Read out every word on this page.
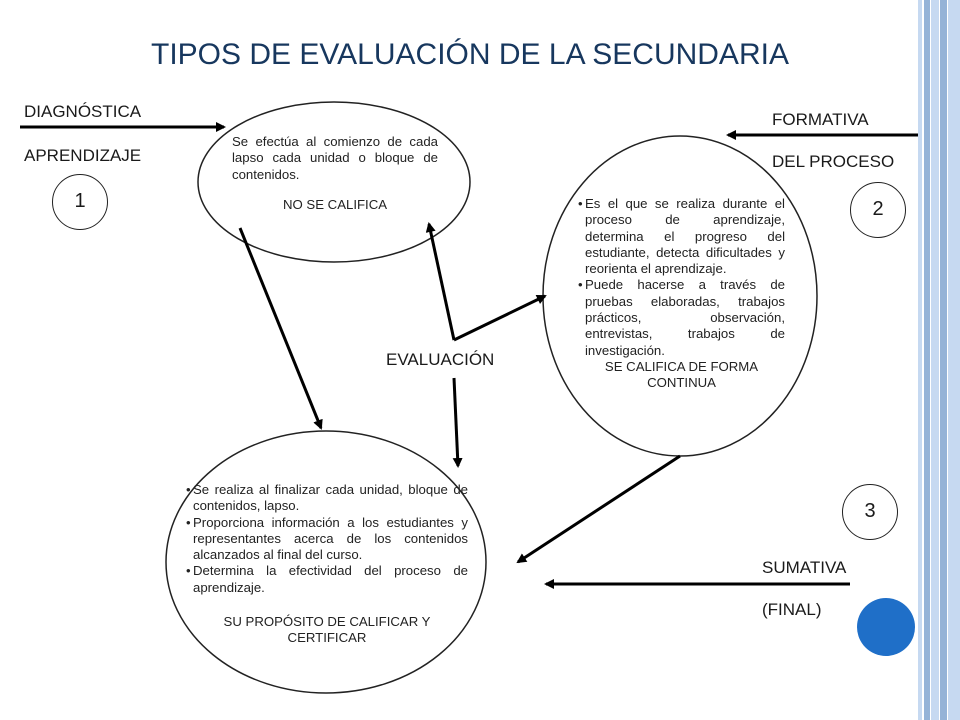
TIPOS DE EVALUACIÓN DE LA SECUNDARIA
DIAGNÓSTICA
APRENDIZAJE
FORMATIVA
DEL PROCESO
SUMATIVA
(FINAL)
EVALUACIÓN
1	2
3
Se efectúa al comienzo de cada lapso cada unidad o bloque de contenidos.
NO SE CALIFICA
•	Es el que se realiza durante el proceso de aprendizaje, determina el progreso del estudiante, detecta dificultades y reorienta el aprendizaje.
• Puede hacerse a través de pruebas elaboradas, trabajos prácticos, observación, entrevistas, trabajos de investigación.
SE CALIFICA DE FORMA CONTINUA
• Se realiza al finalizar cada unidad, bloque de contenidos, lapso.
• Proporciona información a los estudiantes y representantes acerca de los contenidos alcanzados al final del curso.
• Determina la efectividad del proceso de aprendizaje.
SU PROPÓSITO DE CALIFICAR Y CERTIFICAR
